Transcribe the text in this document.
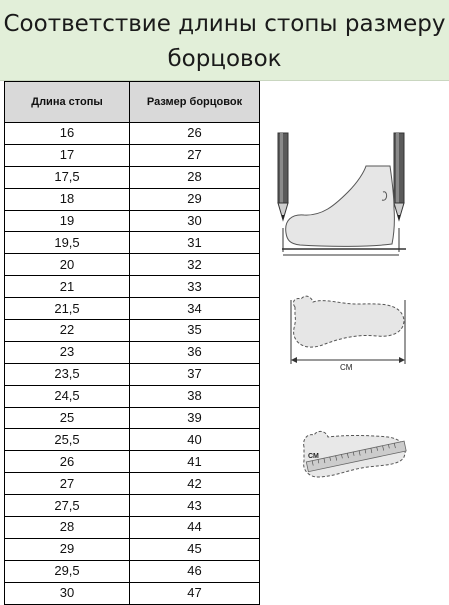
Соответствие длины стопы размеру
борцовок
Длина стопы	Размер борцовок
16	26
17	27
17,5	28
18	29
19	30
19,5	31
20	32
21	33
21,5	34
22	35
23	36
23,5	37
24,5	38
25	39
25,5	40
26	41
27	42
27,5	43
28	44
29	45
29,5	46
30	47
СМ
СМ
